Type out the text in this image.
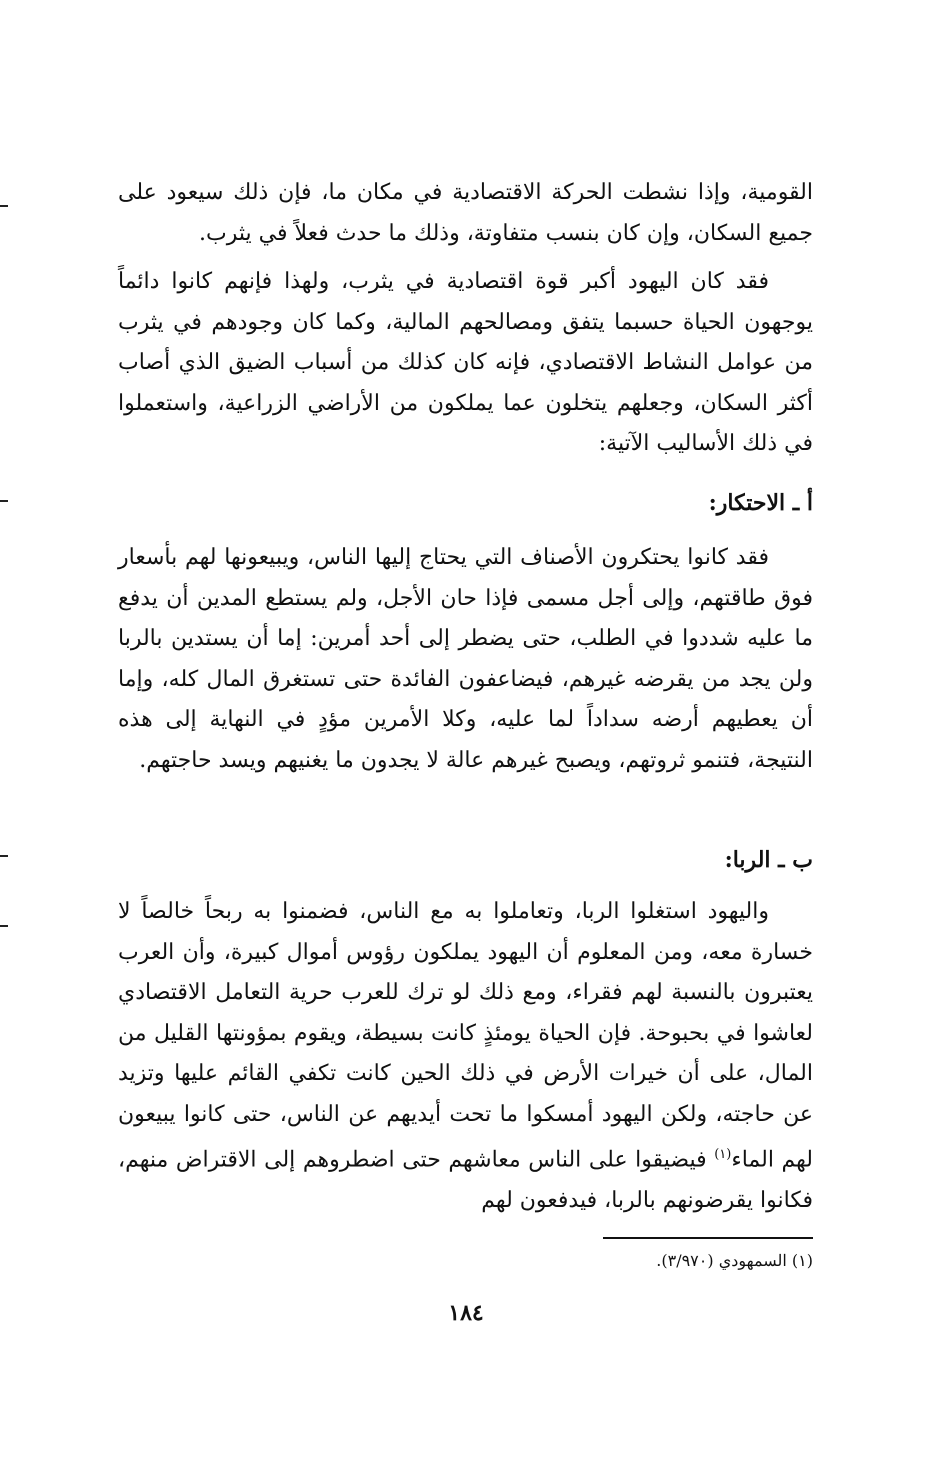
القومية، وإذا نشطت الحركة الاقتصادية في مكان ما، فإن ذلك سيعود على جميع السكان، وإن كان بنسب متفاوتة، وذلك ما حدث فعلاً في يثرب.

فقد كان اليهود أكبر قوة اقتصادية في يثرب، ولهذا فإنهم كانوا دائماً يوجهون الحياة حسبما يتفق ومصالحهم المالية، وكما كان وجودهم في يثرب من عوامل النشاط الاقتصادي، فإنه كان كذلك من أسباب الضيق الذي أصاب أكثر السكان، وجعلهم يتخلون عما يملكون من الأراضي الزراعية، واستعملوا في ذلك الأساليب الآتية:

أ ـ الاحتكار:

فقد كانوا يحتكرون الأصناف التي يحتاج إليها الناس، ويبيعونها لهم بأسعار فوق طاقتهم، وإلى أجل مسمى فإذا حان الأجل، ولم يستطع المدين أن يدفع ما عليه شددوا في الطلب، حتى يضطر إلى أحد أمرين: إما أن يستدين بالربا ولن يجد من يقرضه غيرهم، فيضاعفون الفائدة حتى تستغرق المال كله، وإما أن يعطيهم أرضه سداداً لما عليه، وكلا الأمرين مؤدٍ في النهاية إلى هذه النتيجة، فتنمو ثروتهم، ويصبح غيرهم عالة لا يجدون ما يغنيهم ويسد حاجتهم.

ب ـ الربا:

واليهود استغلوا الربا، وتعاملوا به مع الناس، فضمنوا به ربحاً خالصاً لا خسارة معه، ومن المعلوم أن اليهود يملكون رؤوس أموال كبيرة، وأن العرب يعتبرون بالنسبة لهم فقراء، ومع ذلك لو ترك للعرب حرية التعامل الاقتصادي لعاشوا في بحبوحة. فإن الحياة يومئذٍ كانت بسيطة، ويقوم بمؤونتها القليل من المال، على أن خيرات الأرض في ذلك الحين كانت تكفي القائم عليها وتزيد عن حاجته، ولكن اليهود أمسكوا ما تحت أيديهم عن الناس، حتى كانوا يبيعون لهم الماء$^{(١)}$ فيضيقوا على الناس معاشهم حتى اضطروهم إلى الاقتراض منهم، فكانوا يقرضونهم بالربا، فيدفعون لهم

(١) السمهودي (٣/٩٧٠).

١٨٤
